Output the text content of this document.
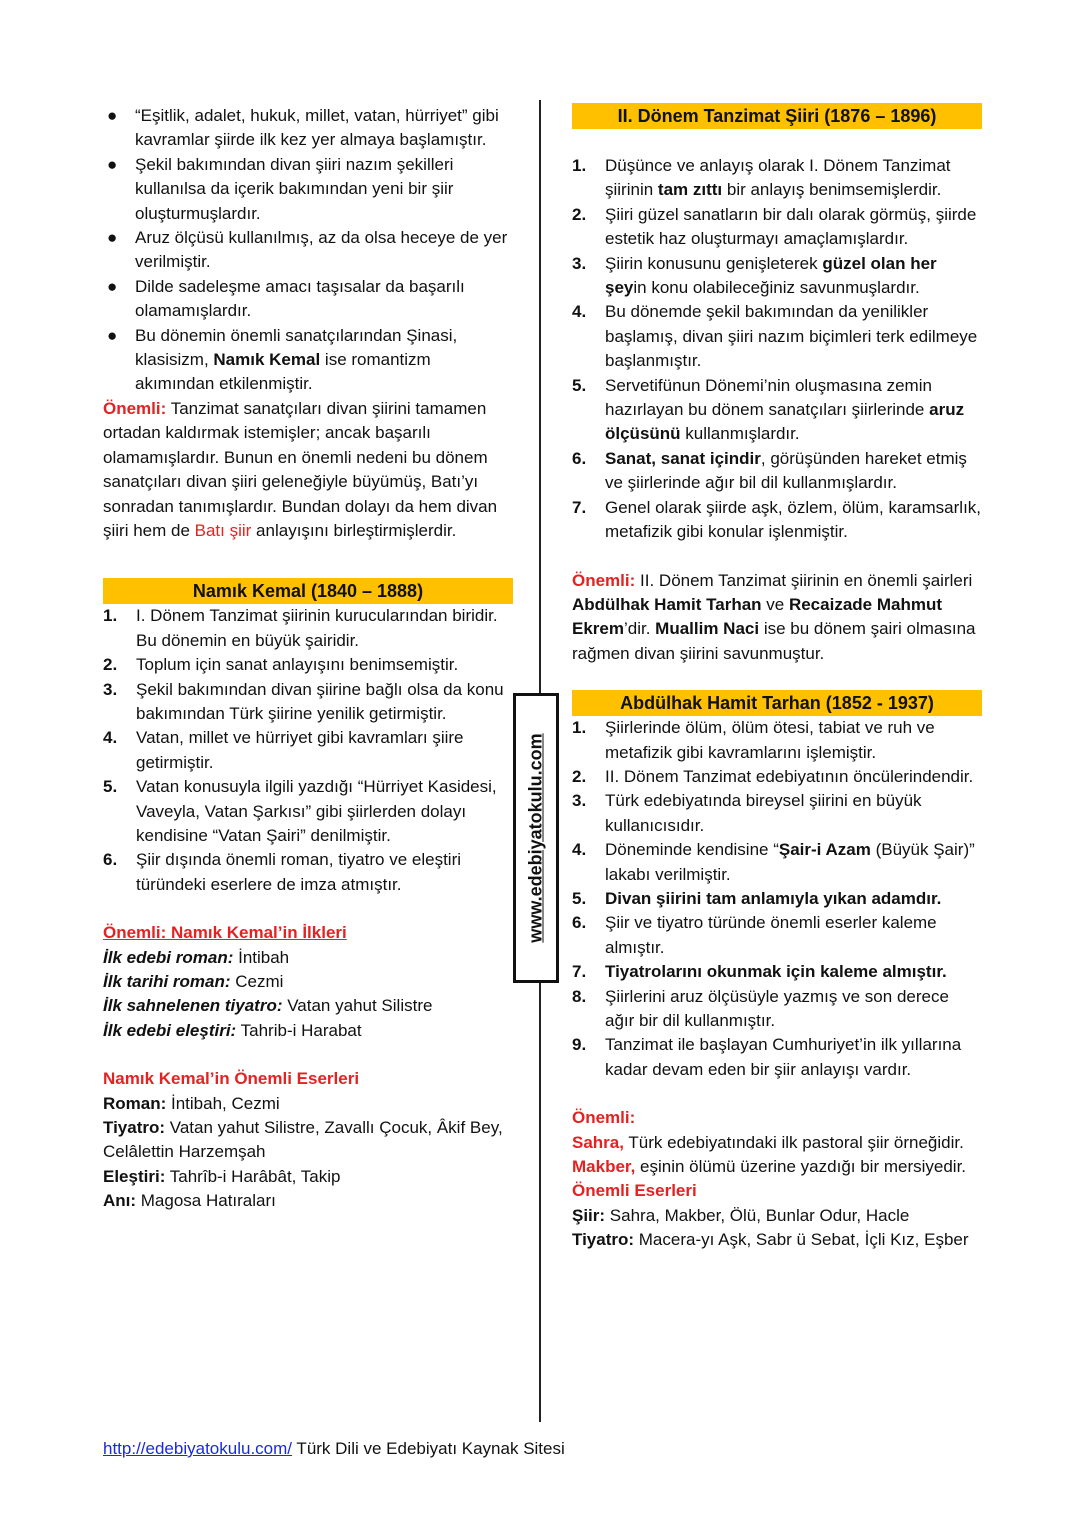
● “Eşitlik, adalet, hukuk, millet, vatan, hürriyet” gibi kavramlar şiirde ilk kez yer almaya başlamıştır.
● Şekil bakımından divan şiiri nazım şekilleri kullanılsa da içerik bakımından yeni bir şiir oluşturmuşlardır.
● Aruz ölçüsü kullanılmış, az da olsa heceye de yer verilmiştir.
● Dilde sadeleşme amacı taşısalar da başarılı olamamışlardır.
● Bu dönemin önemli sanatçılarından Şinasi, klasisizm, Namık Kemal ise romantizm akımından etkilenmiştir.

Önemli: Tanzimat sanatçıları divan şiirini tamamen ortadan kaldırmak istemişler; ancak başarılı olamamışlardır. Bunun en önemli nedeni bu dönem sanatçıları divan şiiri geleneğiyle büyümüş, Batı’yı sonradan tanımışlardır. Bundan dolayı da hem divan şiiri hem de Batı şiir anlayışını birleştirmişlerdir.

Namık Kemal (1840 – 1888)
1. I. Dönem Tanzimat şiirinin kurucularından biridir. Bu dönemin en büyük şairidir.
2. Toplum için sanat anlayışını benimsemiştir.
3. Şekil bakımından divan şiirine bağlı olsa da konu bakımından Türk şiirine yenilik getirmiştir.
4. Vatan, millet ve hürriyet gibi kavramları şiire getirmiştir.
5. Vatan konusuyla ilgili yazdığı “Hürriyet Kasidesi, Vaveyla, Vatan Şarkısı” gibi şiirlerden dolayı kendisine “Vatan Şairi” denilmiştir.
6. Şiir dışında önemli roman, tiyatro ve eleştiri türündeki eserlere de imza atmıştır.

Önemli: Namık Kemal’in İlkleri

İlk edebi roman: İntibah

İlk tarihi roman: Cezmi

İlk sahnelenen tiyatro: Vatan yahut Silistre

İlk edebi eleştiri: Tahrib-i Harabat

Namık Kemal’in Önemli Eserleri

Roman: İntibah, Cezmi

Tiyatro: Vatan yahut Silistre, Zavallı Çocuk, Âkif Bey, Celâlettin Harzemşah

Eleştiri: Tahrîb-i Harâbât, Takip

Anı: Magosa Hatıraları

II. Dönem Tanzimat Şiiri (1876 – 1896)
1. Düşünce ve anlayış olarak I. Dönem Tanzimat şiirinin tam zıttı bir anlayış benimsemişlerdir.
2. Şiiri güzel sanatların bir dalı olarak görmüş, şiirde estetik haz oluşturmayı amaçlamışlardır.
3. Şiirin konusunu genişleterek güzel olan her şeyin konu olabileceğiniz savunmuşlardır.
4. Bu dönemde şekil bakımından da yenilikler başlamış, divan şiiri nazım biçimleri terk edilmeye başlanmıştır.
5. Servetifünun Dönemi’nin oluşmasına zemin hazırlayan bu dönem sanatçıları şiirlerinde aruz ölçüsünü kullanmışlardır.
6. Sanat, sanat içindir, görüşünden hareket etmiş ve şiirlerinde ağır bil dil kullanmışlardır.
7. Genel olarak şiirde aşk, özlem, ölüm, karamsarlık, metafizik gibi konular işlenmiştir.

Önemli: II. Dönem Tanzimat şiirinin en önemli şairleri Abdülhak Hamit Tarhan ve Recaizade Mahmut Ekrem’dir. Muallim Naci ise bu dönem şairi olmasına rağmen divan şiirini savunmuştur.

Abdülhak Hamit Tarhan (1852 - 1937)
1. Şiirlerinde ölüm, ölüm ötesi, tabiat ve ruh ve metafizik gibi kavramlarını işlemiştir.
2. II. Dönem Tanzimat edebiyatının öncülerindendir.
3. Türk edebiyatında bireysel şiirini en büyük kullanıcısıdır.
4. Döneminde kendisine “Şair-i Azam (Büyük Şair)” lakabı verilmiştir.
5. Divan şiirini tam anlamıyla yıkan adamdır.
6. Şiir ve tiyatro türünde önemli eserler kaleme almıştır.
7. Tiyatrolarını okunmak için kaleme almıştır.
8. Şiirlerini aruz ölçüsüyle yazmış ve son derece ağır bir dil kullanmıştır.
9. Tanzimat ile başlayan Cumhuriyet’in ilk yıllarına kadar devam eden bir şiir anlayışı vardır.

Önemli:

Sahra, Türk edebiyatındaki ilk pastoral şiir örneğidir.

Makber, eşinin ölümü üzerine yazdığı bir mersiyedir.

Önemli Eserleri

Şiir: Sahra, Makber, Ölü, Bunlar Odur, Hacle

Tiyatro: Macera-yı Aşk, Sabr ü Sebat, İçli Kız, Eşber

www.edebiyatokulu.com
http://edebiyatokulu.com/ Türk Dili ve Edebiyatı Kaynak Sitesi
